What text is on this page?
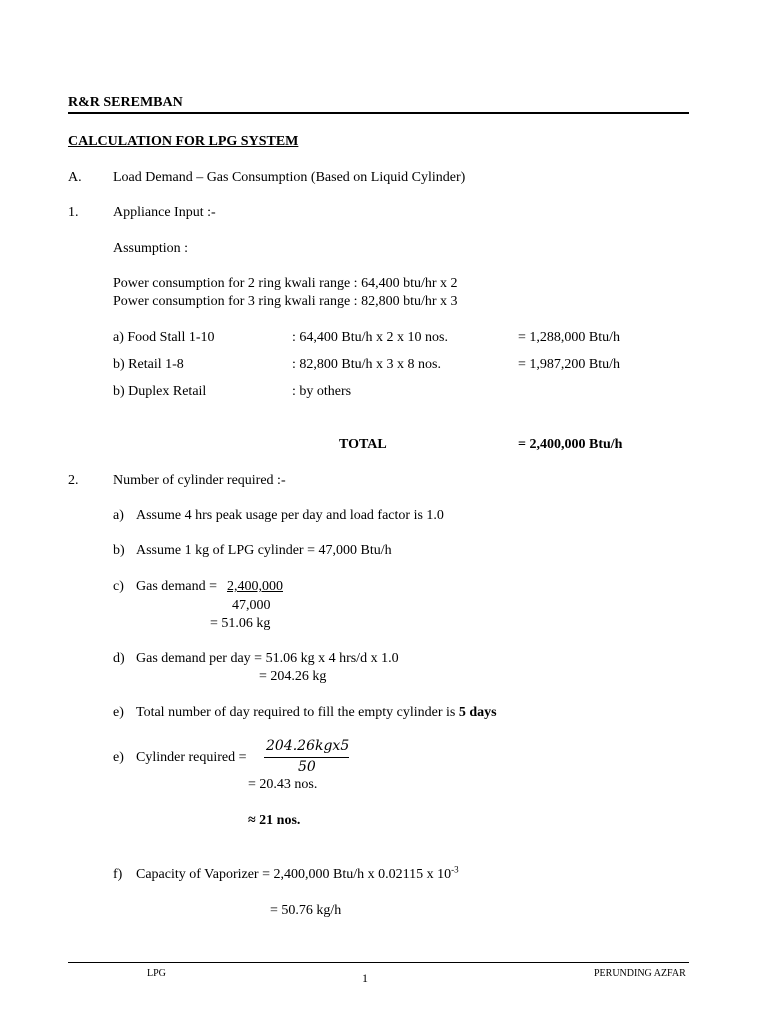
R&R SEREMBAN
CALCULATION FOR LPG SYSTEM
A. Load Demand – Gas Consumption (Based on Liquid Cylinder)
1. Appliance Input :-
Assumption :
Power consumption for 2 ring kwali range : 64,400 btu/hr x 2
Power consumption for 3 ring kwali range : 82,800 btu/hr x 3
a) Food Stall 1-10	: 64,400 Btu/h x 2 x 10 nos.	= 1,288,000 Btu/h
b) Retail 1-8	: 82,800 Btu/h x 3 x 8 nos.	= 1,987,200 Btu/h
b) Duplex Retail	: by others
TOTAL	= 2,400,000 Btu/h
2. Number of cylinder required :-
a) Assume 4 hrs peak usage per day and load factor is 1.0
b) Assume 1 kg of LPG cylinder = 47,000 Btu/h
c) Gas demand = 2,400,000
47,000
= 51.06 kg
d) Gas demand per day = 51.06 kg x 4 hrs/d x 1.0
= 204.26 kg
e) Total number of day required to fill the empty cylinder is 5 days
e) Cylinder required =
204.26kgx5
50
= 20.43 nos.
≈ 21 nos.
f) Capacity of Vaporizer = 2,400,000 Btu/h x 0.02115 x $10^{-3}$
= 50.76 kg/h
LPG	1	PERUNDING AZFAR
